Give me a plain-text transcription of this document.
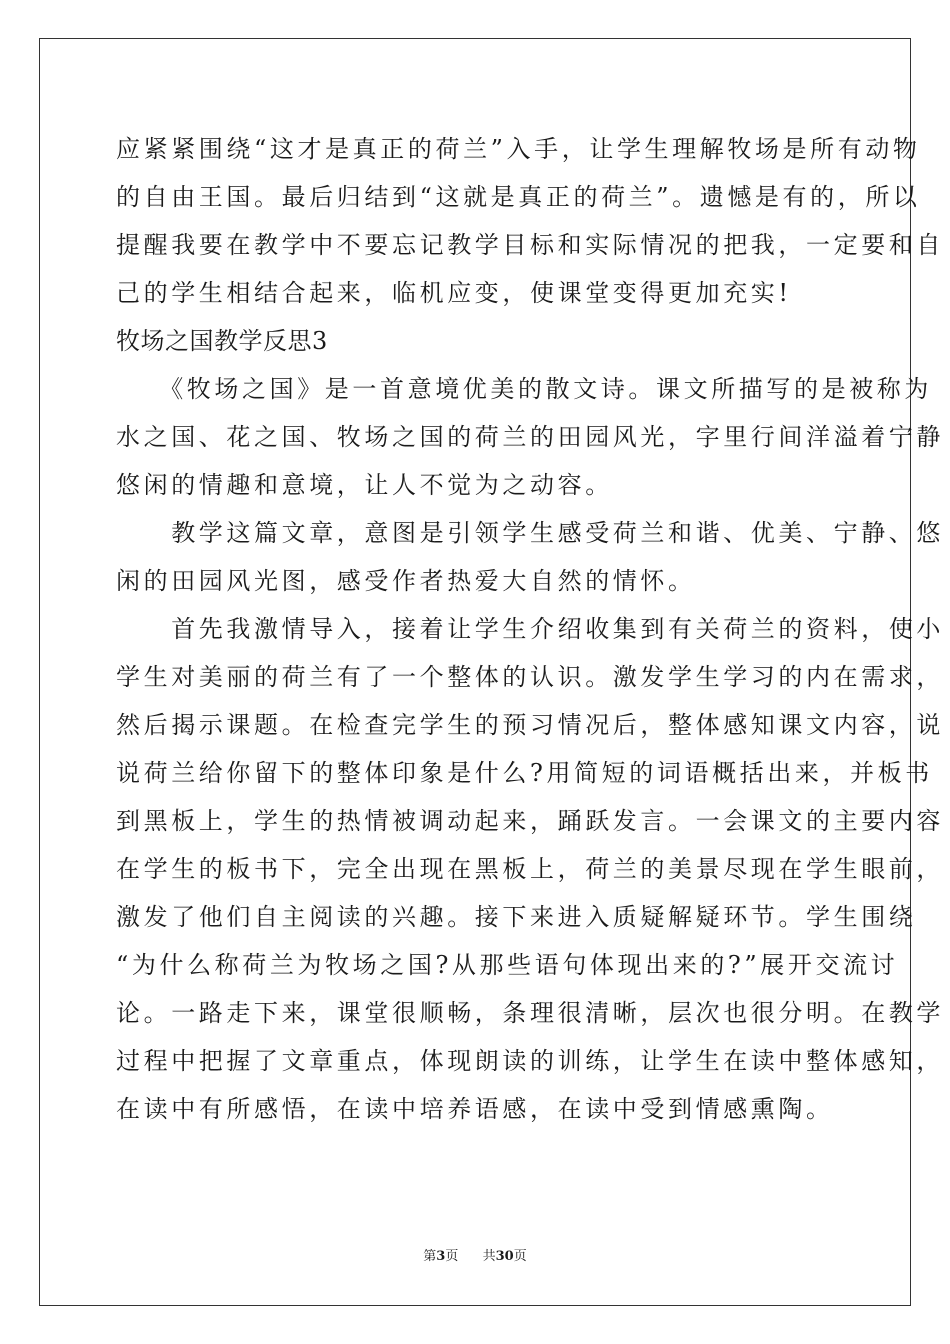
应紧紧围绕“这才是真正的荷兰”入手，让学生理解牧场是所有动物
的自由王国。最后归结到“这就是真正的荷兰”。遗憾是有的，所以
提醒我要在教学中不要忘记教学目标和实际情况的把我，一定要和自
己的学生相结合起来，临机应变，使课堂变得更加充实!
牧场之国教学反思3
　　《牧场之国》是一首意境优美的散文诗。课文所描写的是被称为
水之国、花之国、牧场之国的荷兰的田园风光，字里行间洋溢着宁静
悠闲的情趣和意境，让人不觉为之动容。
　　教学这篇文章，意图是引领学生感受荷兰和谐、优美、宁静、悠
闲的田园风光图，感受作者热爱大自然的情怀。
　　首先我激情导入，接着让学生介绍收集到有关荷兰的资料，使小
学生对美丽的荷兰有了一个整体的认识。激发学生学习的内在需求，
然后揭示课题。在检查完学生的预习情况后，整体感知课文内容，说
说荷兰给你留下的整体印象是什么?用简短的词语概括出来，并板书
到黑板上，学生的热情被调动起来，踊跃发言。一会课文的主要内容
在学生的板书下，完全出现在黑板上，荷兰的美景尽现在学生眼前，
激发了他们自主阅读的兴趣。接下来进入质疑解疑环节。学生围绕
“为什么称荷兰为牧场之国?从那些语句体现出来的?”展开交流讨
论。一路走下来，课堂很顺畅，条理很清晰，层次也很分明。在教学
过程中把握了文章重点，体现朗读的训练，让学生在读中整体感知，
在读中有所感悟，在读中培养语感，在读中受到情感熏陶。
第3页 共30页
